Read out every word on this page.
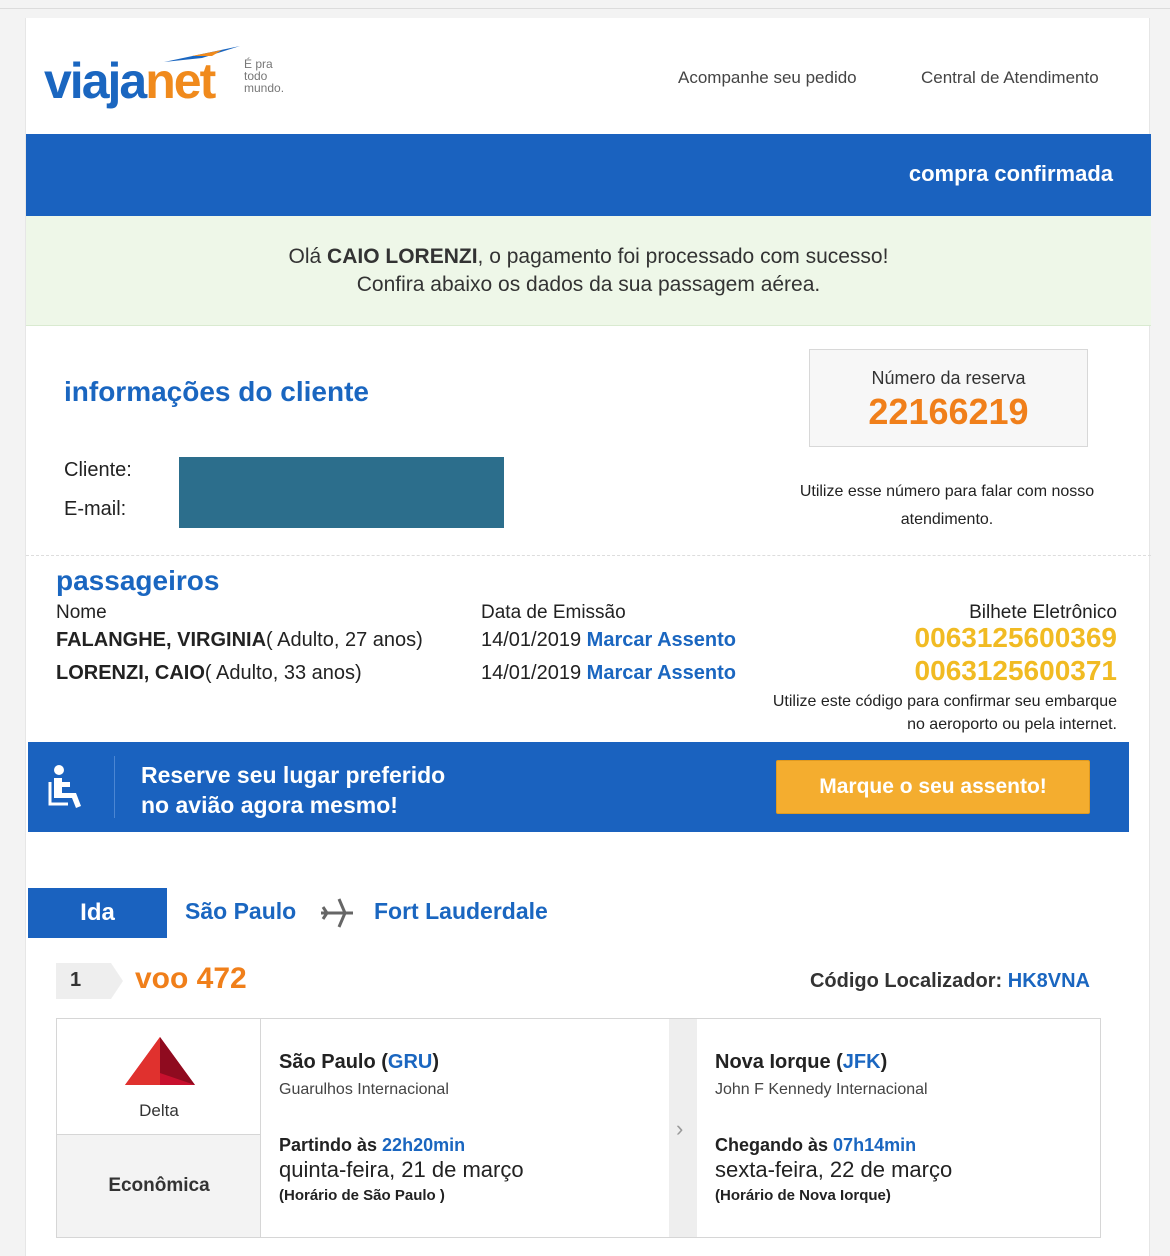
viajanet É pra
todo
mundo.
Acompanhe seu pedido	Central de Atendimento
compra confirmada

Olá CAIO LORENZI, o pagamento foi processado com sucesso!

Confira abaixo os dados da sua passagem aérea.

informações do cliente
Cliente:
E-mail:
Número da reserva
22166219
Utilize esse número para falar com nosso atendimento.
passageiros
Nome	Data de Emissão	Bilhete Eletrônico
FALANGHE, VIRGINIA( Adulto, 27 anos)	14/01/2019 Marcar Assento	0063125600369
LORENZI, CAIO( Adulto, 33 anos)	14/01/2019 Marcar Assento	0063125600371
Utilize este código para confirmar seu embarque no aeroporto ou pela internet.
Reserve seu lugar preferido
no avião agora mesmo!
Marque o seu assento!
Ida	São Paulo	Fort Lauderdale
1 voo 472	Código Localizador: HK8VNA
Delta
Econômica
São Paulo (GRU)
Guarulhos Internacional
Partindo às 22h20min
quinta-feira, 21 de março
(Horário de São Paulo )
›
Nova Iorque (JFK)
John F Kennedy Internacional
Chegando às 07h14min
sexta-feira, 22 de março
(Horário de Nova Iorque)
